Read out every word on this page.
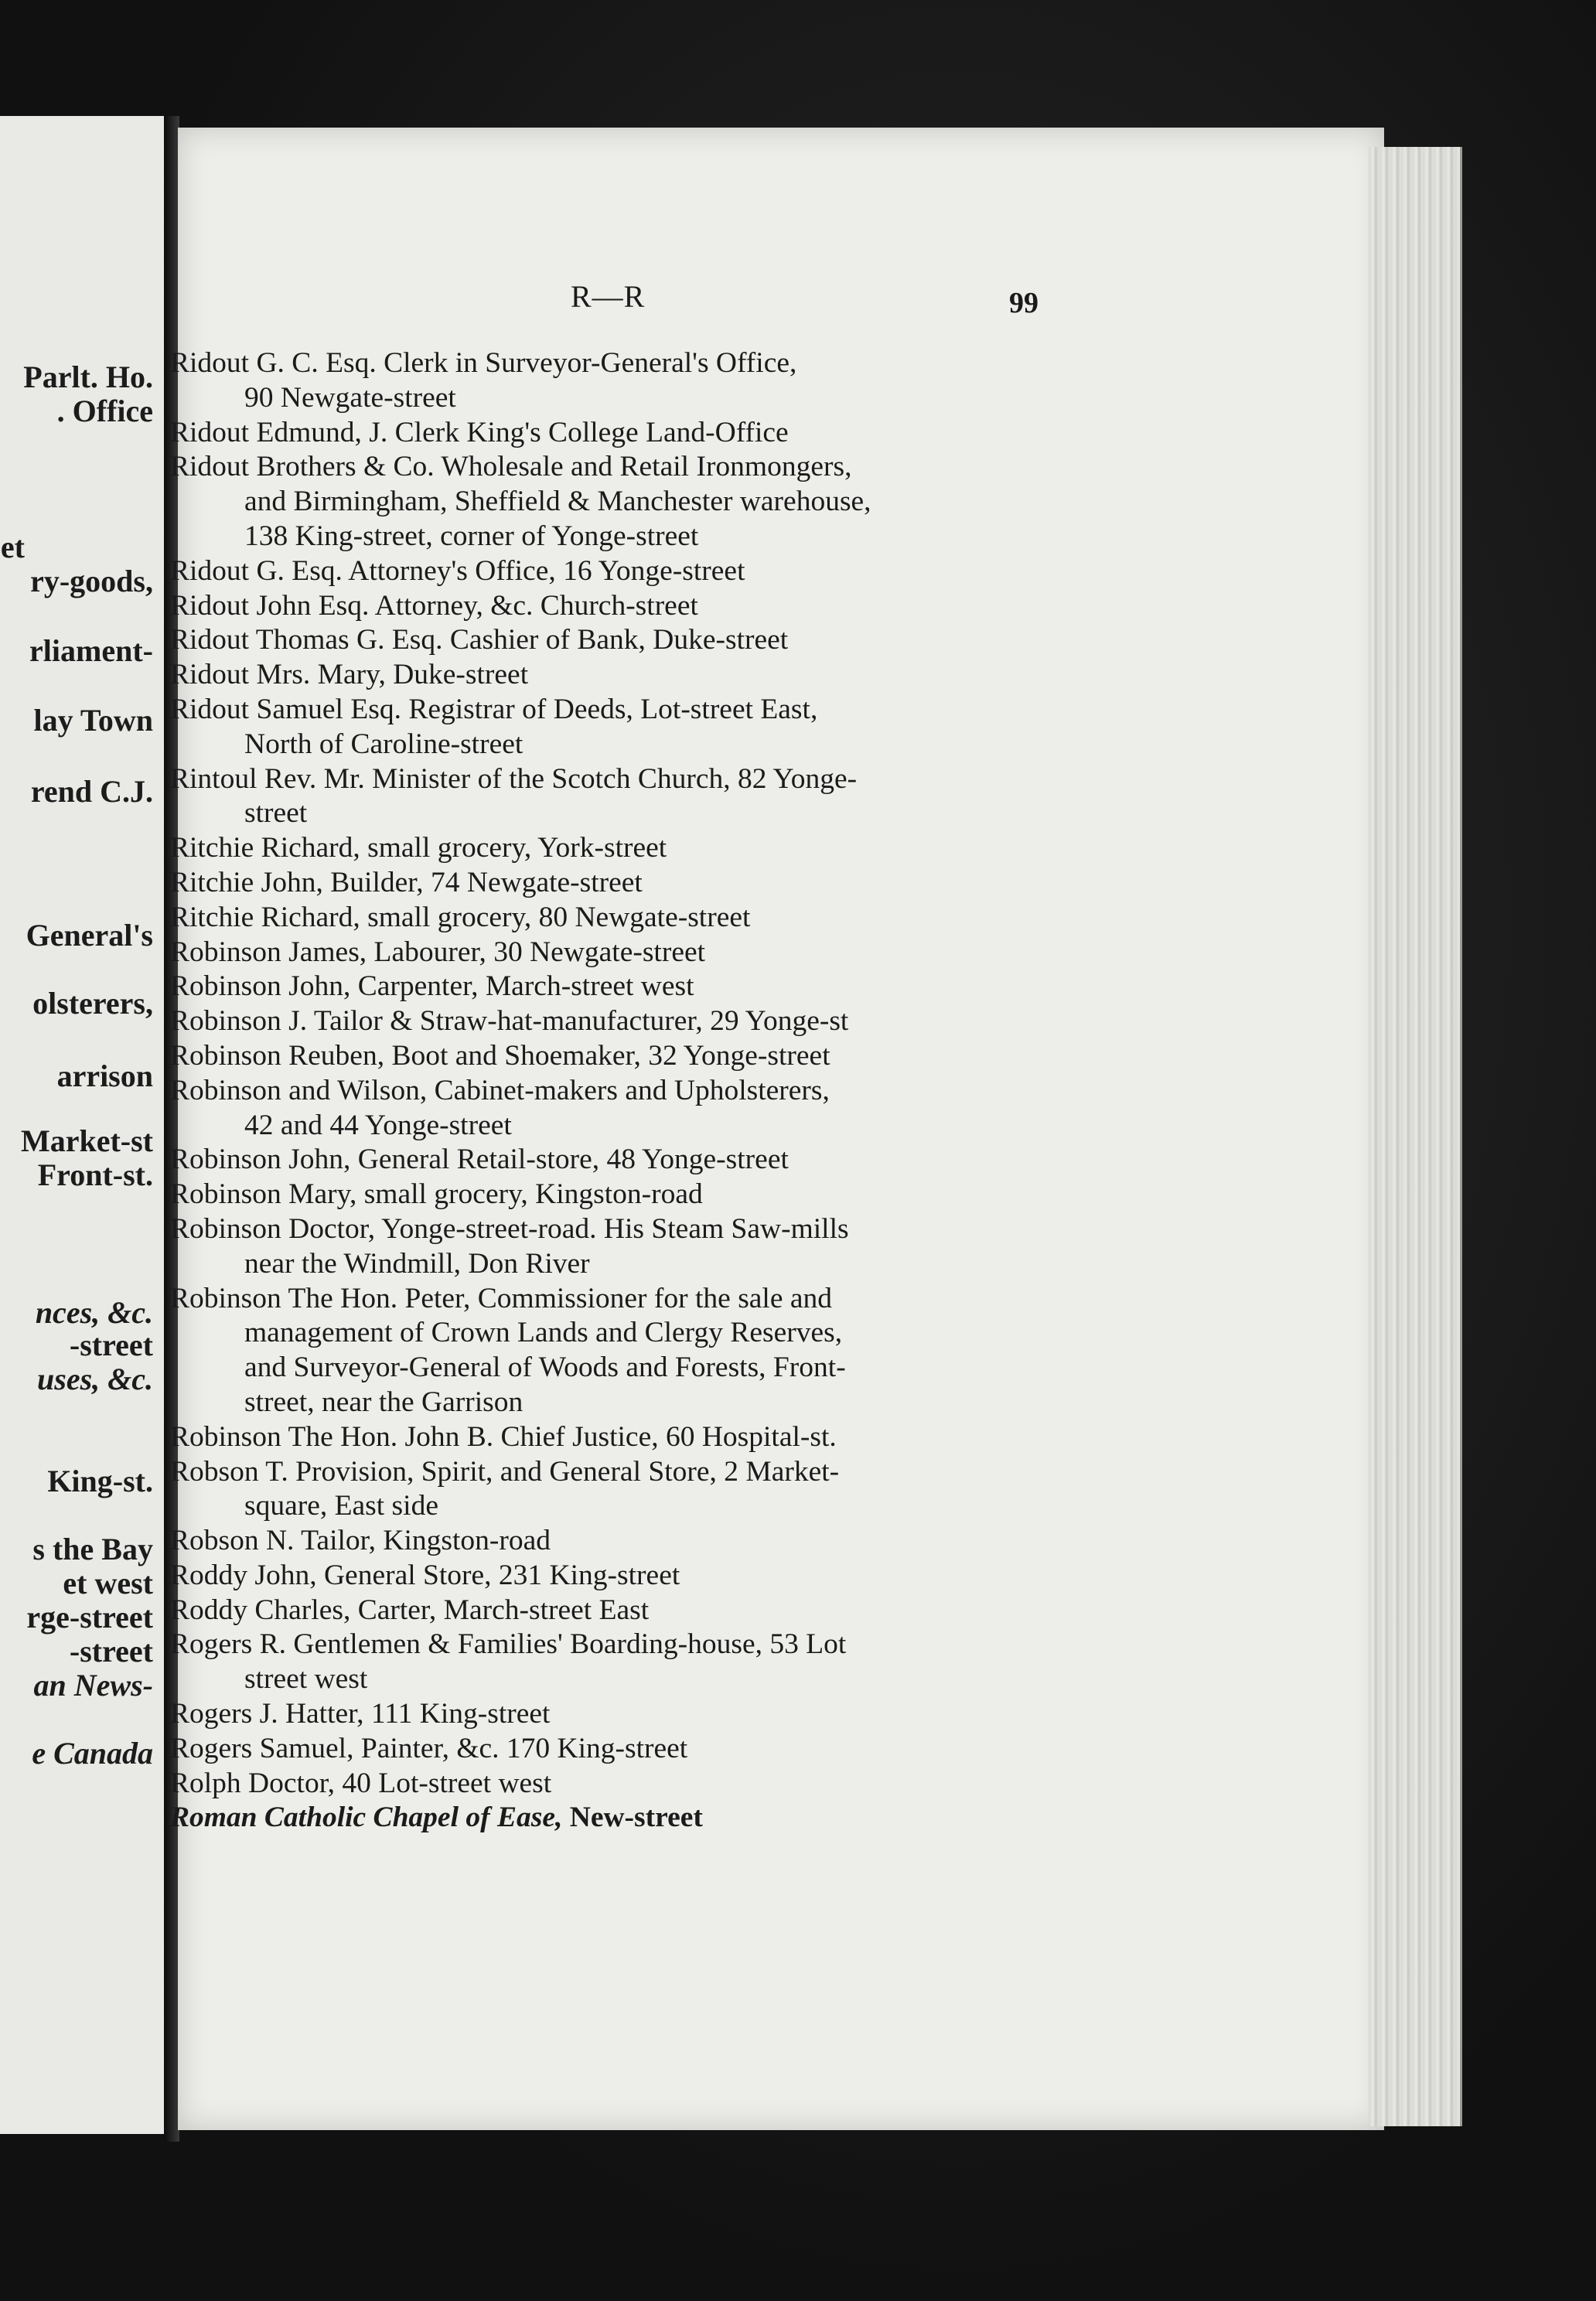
Parlt. Ho.
. Office
et
ry-goods,
rliament-
lay Town
rend C.J.
General's
olsterers,
arrison
Market-st
Front-st.
nces, &c.
-street
uses, &c.
King-st.
s the Bay
et west
rge-street
-street
an News-
e Canada
R—R	99
Ridout G. C. Esq. Clerk in Surveyor-General's Office,
90 Newgate-street
Ridout Edmund, J. Clerk King's College Land-Office
Ridout Brothers & Co. Wholesale and Retail Ironmongers,
and Birmingham, Sheffield & Manchester warehouse,
138 King-street, corner of Yonge-street
Ridout G. Esq. Attorney's Office, 16 Yonge-street
Ridout John Esq. Attorney, &c. Church-street
Ridout Thomas G. Esq. Cashier of Bank, Duke-street
Ridout Mrs. Mary, Duke-street
Ridout Samuel Esq. Registrar of Deeds, Lot-street East,
North of Caroline-street
Rintoul Rev. Mr. Minister of the Scotch Church, 82 Yonge-
street
Ritchie Richard, small grocery, York-street
Ritchie John, Builder, 74 Newgate-street
Ritchie Richard, small grocery, 80 Newgate-street
Robinson James, Labourer, 30 Newgate-street
Robinson John, Carpenter, March-street west
Robinson J. Tailor & Straw-hat-manufacturer, 29 Yonge-st
Robinson Reuben, Boot and Shoemaker, 32 Yonge-street
Robinson and Wilson, Cabinet-makers and Upholsterers,
42 and 44 Yonge-street
Robinson John, General Retail-store, 48 Yonge-street
Robinson Mary, small grocery, Kingston-road
Robinson Doctor, Yonge-street-road. His Steam Saw-mills
near the Windmill, Don River
Robinson The Hon. Peter, Commissioner for the sale and
management of Crown Lands and Clergy Reserves,
and Surveyor-General of Woods and Forests, Front-
street, near the Garrison
Robinson The Hon. John B. Chief Justice, 60 Hospital-st.
Robson T. Provision, Spirit, and General Store, 2 Market-
square, East side
Robson N. Tailor, Kingston-road
Roddy John, General Store, 231 King-street
Roddy Charles, Carter, March-street East
Rogers R. Gentlemen & Families' Boarding-house, 53 Lot
street west
Rogers J. Hatter, 111 King-street
Rogers Samuel, Painter, &c. 170 King-street
Rolph Doctor, 40 Lot-street west
Roman Catholic Chapel of Ease, New-street
